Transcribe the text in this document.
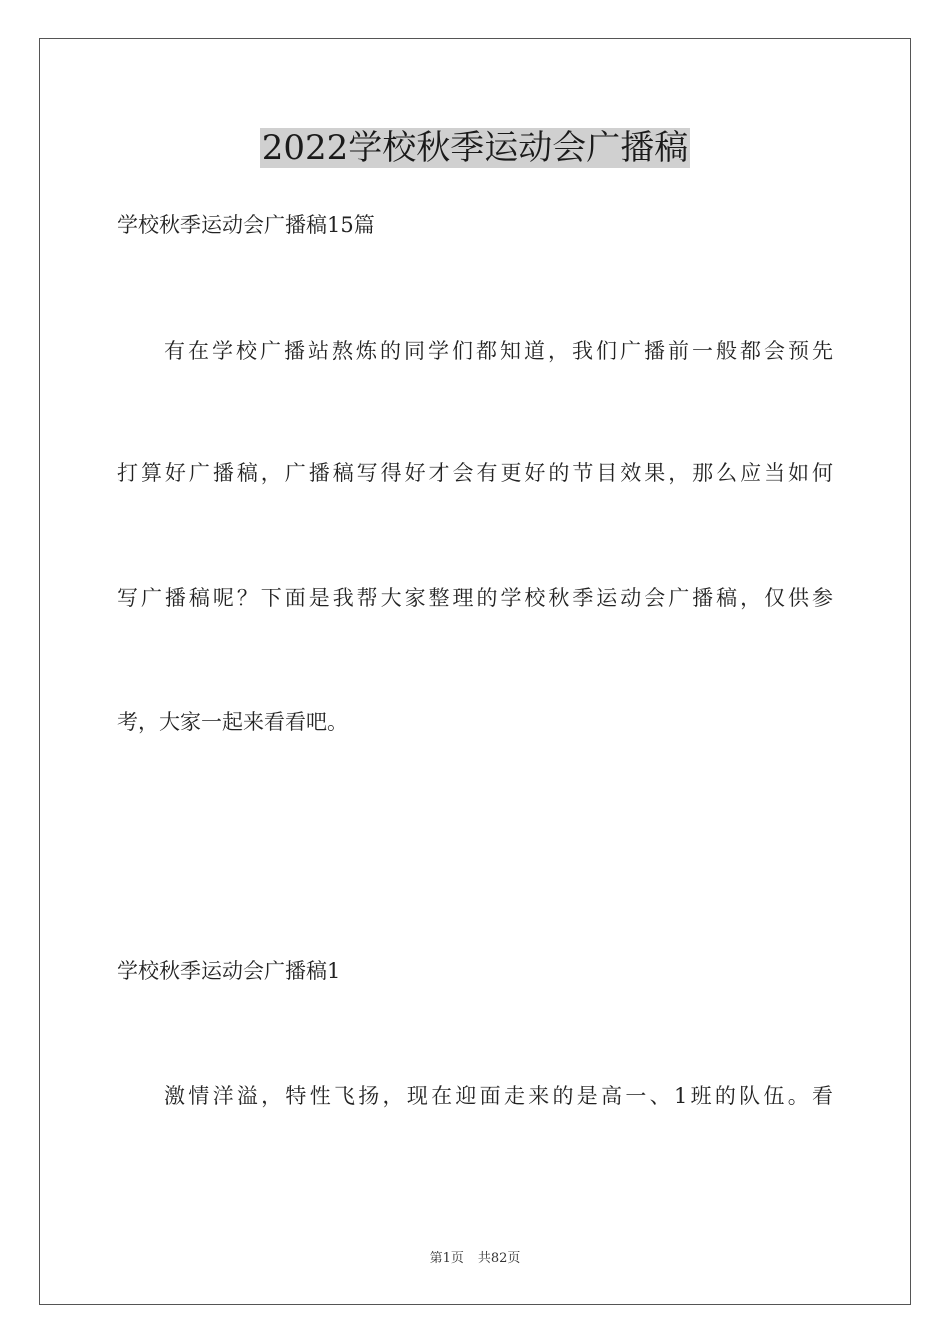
2022学校秋季运动会广播稿
学校秋季运动会广播稿15篇
有在学校广播站熬炼的同学们都知道，我们广播前一般都会预先
打算好广播稿，广播稿写得好才会有更好的节目效果，那么应当如何
写广播稿呢？下面是我帮大家整理的学校秋季运动会广播稿，仅供参
考，大家一起来看看吧。
学校秋季运动会广播稿1
激情洋溢，特性飞扬，现在迎面走来的是高一、1班的队伍。看
第1页 共82页
